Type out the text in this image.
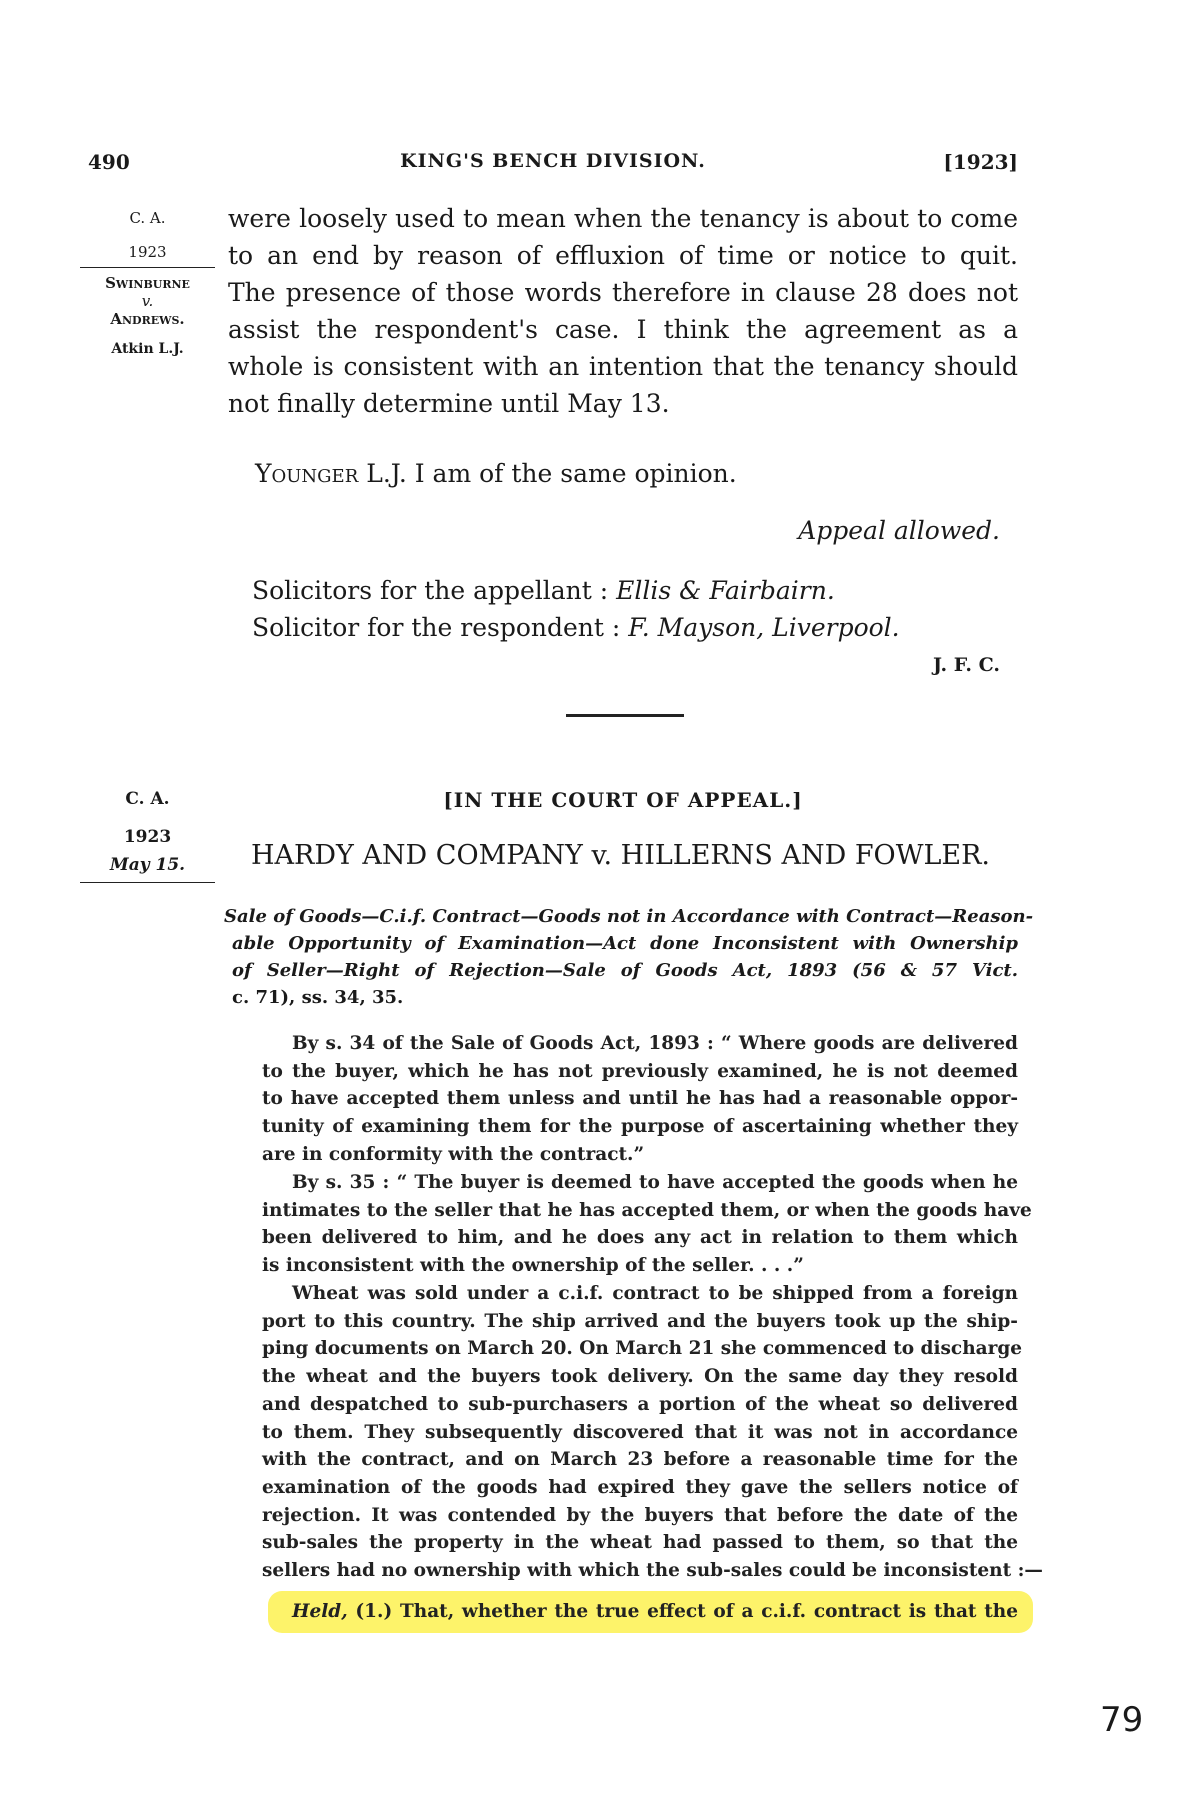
490	KING'S BENCH DIVISION.	[1923]
C. A.
1923
Swinburne
v.
Andrews.
Atkin L.J.
were loosely used to mean when the tenancy is about to come
to an end by reason of efflux​ion of time or notice to quit.
The presence of those words therefore in clause 28 does not
assist the respondent's case. I think the agreement as a
whole is consistent with an intention that the tenancy should
not finally determine until May 13.
Younger L.J. I am of the same opinion.
Appeal allowed.
Solicitors for the appellant : Ellis & Fairbairn.
Solicitor for the respondent : F. Mayson, Liverpool.
J. F. C.
C. A.
1923
May 15.
[IN THE COURT OF APPEAL.]
HARDY AND COMPANY v. HILLERNS AND FOWLER.
Sale of Goods—C.i.f. Contract—Goods not in Accordance with Contract—Reason-
able Opportunity of Examination—Act done Inconsistent with Ownership
of Seller—Right of Rejection—Sale of Goods Act, 1893 (56 & 57 Vict.
c. 71), ss. 34, 35.
By s. 34 of the Sale of Goods Act, 1893 : “ Where goods are delivered
to the buyer, which he has not previously examined, he is not deemed
to have accepted them unless and until he has had a reasonable oppor-
tunity of examining them for the purpose of ascertaining whether they
are in conformity with the contract.”
By s. 35 : “ The buyer is deemed to have accepted the goods when he
intimates to the seller that he has accepted them, or when the goods have
been delivered to him, and he does any act in relation to them which
is inconsistent with the ownership of the seller. . . .”
Wheat was sold under a c.i.f. contract to be shipped from a foreign
port to this country. The ship arrived and the buyers took up the ship-
ping documents on March 20. On March 21 she commenced to discharge
the wheat and the buyers took delivery. On the same day they resold
and despatched to sub-purchasers a portion of the wheat so delivered
to them. They subsequently discovered that it was not in accordance
with the contract, and on March 23 before a reasonable time for the
examination of the goods had expired they gave the sellers notice of
rejection. It was contended by the buyers that before the date of the
sub-sales the property in the wheat had passed to them, so that the
sellers had no ownership with which the sub-sales could be inconsistent :—
Held, (1.) That, whether the true effect of a c.i.f. contract is that the
79
